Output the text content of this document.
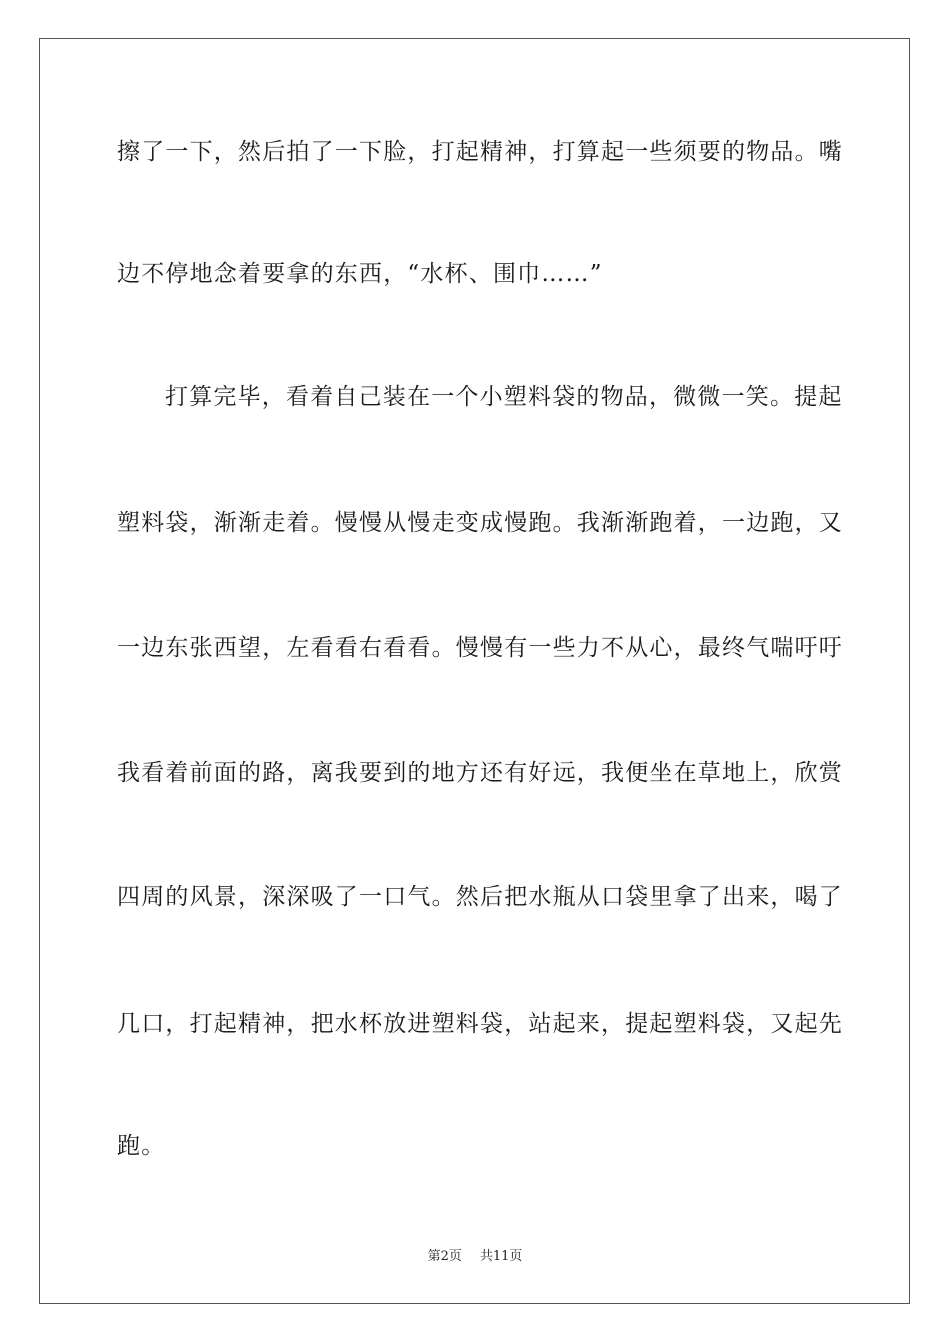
擦了一下，然后拍了一下脸，打起精神，打算起一些须要的物品。嘴
边不停地念着要拿的东西，“水杯、围巾……”
打算完毕，看着自己装在一个小塑料袋的物品，微微一笑。提起
塑料袋，渐渐走着。慢慢从慢走变成慢跑。我渐渐跑着，一边跑，又
一边东张西望，左看看右看看。慢慢有一些力不从心，最终气喘吁吁
我看着前面的路，离我要到的地方还有好远，我便坐在草地上，欣赏
四周的风景，深深吸了一口气。然后把水瓶从口袋里拿了出来，喝了
几口，打起精神，把水杯放进塑料袋，站起来，提起塑料袋，又起先
跑。
第2页 共11页
